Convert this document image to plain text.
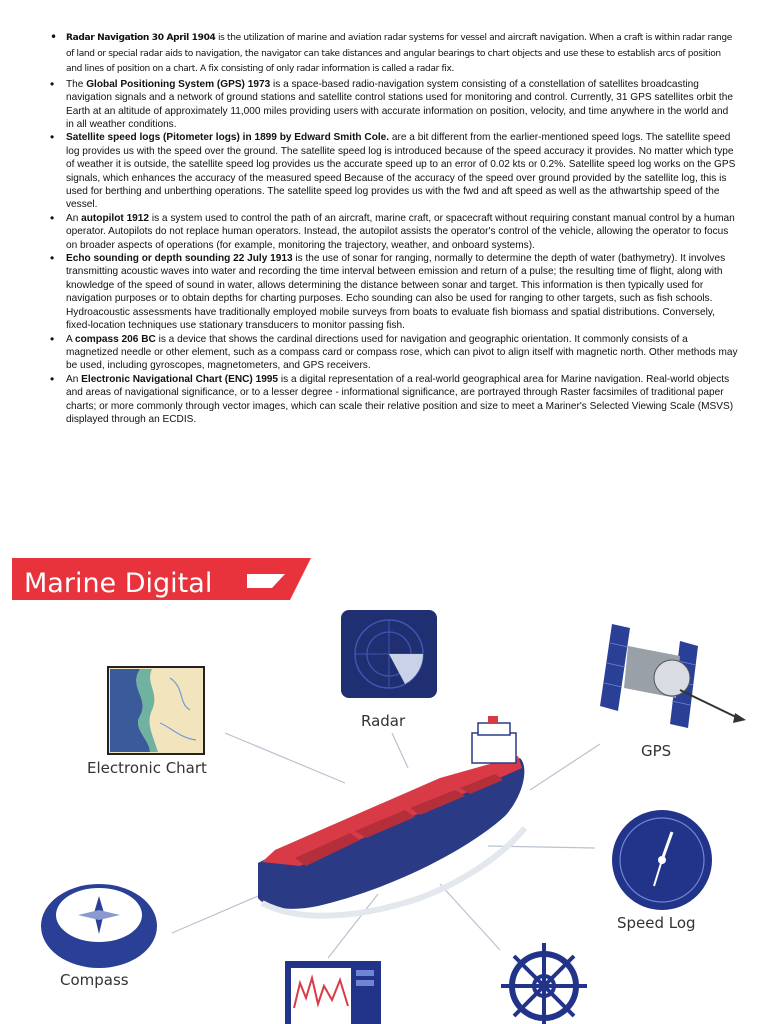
• Radar Navigation 30 April 1904 is the utilization of marine and aviation radar systems for vessel and aircraft navigation. When a craft is within radar range of land or special radar aids to navigation, the navigator can take distances and angular bearings to chart objects and use these to establish arcs of position and lines of position on a chart. A fix consisting of only radar information is called a radar fix.
• The Global Positioning System (GPS) 1973 is a space-based radio-navigation system consisting of a constellation of satellites broadcasting navigation signals and a network of ground stations and satellite control stations used for monitoring and control. Currently, 31 GPS satellites orbit the Earth at an altitude of approximately 11,000 miles providing users with accurate information on position, velocity, and time anywhere in the world and in all weather conditions.
• Satellite speed logs (Pitometer logs) in 1899 by Edward Smith Cole. are a bit different from the earlier-mentioned speed logs. The satellite speed log provides us with the speed over the ground. The satellite speed log is introduced because of the speed accuracy it provides. No matter which type of weather it is outside, the satellite speed log provides us the accurate speed up to an error of 0.02 kts or 0.2%. Satellite speed log works on the GPS signals, which enhances the accuracy of the measured speed Because of the accuracy of the speed over ground provided by the satellite log, this is used for berthing and unberthing operations. The satellite speed log provides us with the fwd and aft speed as well as the athwartship speed of the vessel.
• An autopilot 1912 is a system used to control the path of an aircraft, marine craft, or spacecraft without requiring constant manual control by a human operator. Autopilots do not replace human operators. Instead, the autopilot assists the operator's control of the vehicle, allowing the operator to focus on broader aspects of operations (for example, monitoring the trajectory, weather, and onboard systems).
• Echo sounding or depth sounding 22 July 1913 is the use of sonar for ranging, normally to determine the depth of water (bathymetry). It involves transmitting acoustic waves into water and recording the time interval between emission and return of a pulse; the resulting time of flight, along with knowledge of the speed of sound in water, allows determining the distance between sonar and target. This information is then typically used for navigation purposes or to obtain depths for charting purposes. Echo sounding can also be used for ranging to other targets, such as fish schools. Hydroacoustic assessments have traditionally employed mobile surveys from boats to evaluate fish biomass and spatial distributions. Conversely, fixed-location techniques use stationary transducers to monitor passing fish.
• A compass 206 BC is a device that shows the cardinal directions used for navigation and geographic orientation. It commonly consists of a magnetized needle or other element, such as a compass card or compass rose, which can pivot to align itself with magnetic north. Other methods may be used, including gyroscopes, magnetometers, and GPS receivers.
• An Electronic Navigational Chart (ENC) 1995 is a digital representation of a real-world geographical area for Marine navigation. Real-world objects and areas of navigational significance, or to a lesser degree - informational significance, are portrayed through Raster facsimiles of traditional paper charts; or more commonly through vector images, which can scale their relative position and size to meet a Mariner's Selected Viewing Scale (MSVS) displayed through an ECDIS.
Marine Digital
Electronic Chart
Radar
GPS
Speed Log
Compass
